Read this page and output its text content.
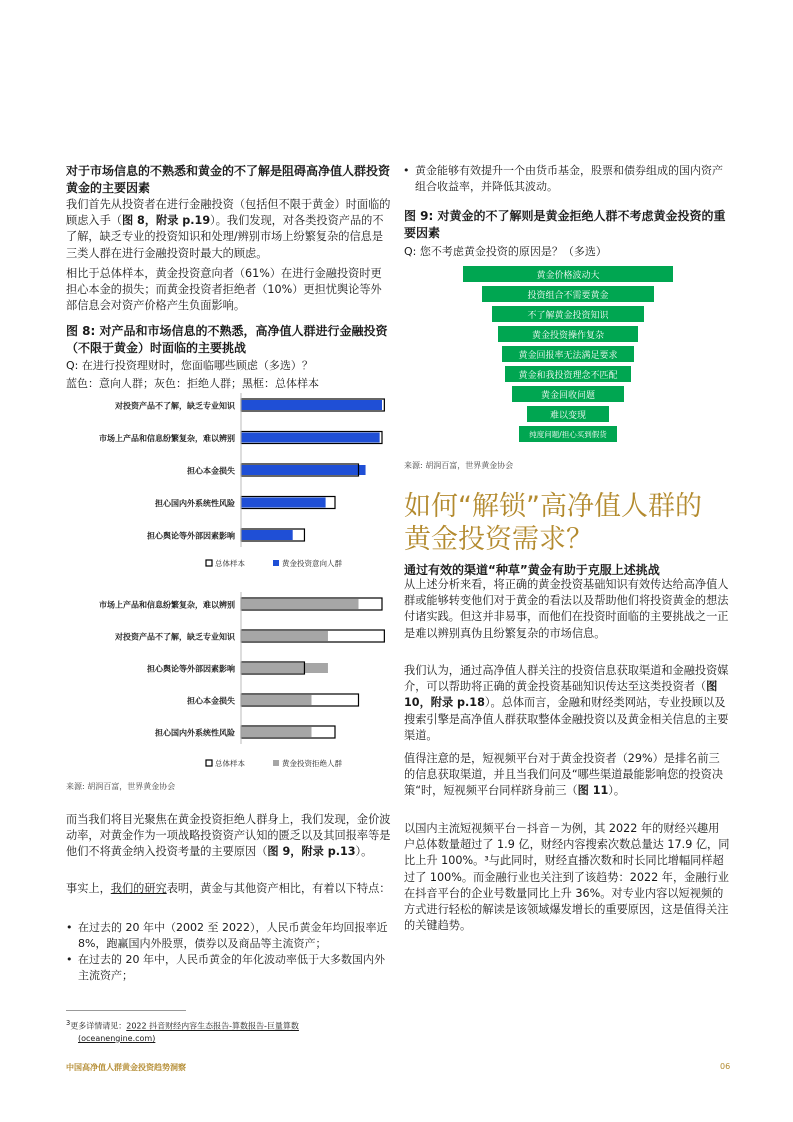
对于市场信息的不熟悉和黄金的不了解是阻碍高净值人群投资黄金的主要因素
我们首先从投资者在进行金融投资（包括但不限于黄金）时面临的顾虑入手（图 8，附录 p.19）。我们发现，对各类投资产品的不了解，缺乏专业的投资知识和处理/辨别市场上纷繁复杂的信息是三类人群在进行金融投资时最大的顾虑。
相比于总体样本，黄金投资意向者（61%）在进行金融投资时更担心本金的损失；而黄金投资者拒绝者（10%）更担忧舆论等外部信息会对资产价格产生负面影响。
图 8: 对产品和市场信息的不熟悉，高净值人群进行金融投资（不限于黄金）时面临的主要挑战
Q: 在进行投资理财时，您面临哪些顾虑（多选）？
蓝色：意向人群；灰色：拒绝人群；黑框：总体样本
对投资产品不了解，缺乏专业知识
市场上产品和信息纷繁复杂，难以辨别
担心本金损失
担心国内外系统性风险
担心舆论等外部因素影响
总体样本	黄金投资意向人群
市场上产品和信息纷繁复杂，难以辨别
对投资产品不了解，缺乏专业知识
担心舆论等外部因素影响
担心本金损失
担心国内外系统性风险
总体样本	黄金投资拒绝人群
来源: 胡润百富，世界黄金协会
而当我们将目光聚焦在黄金投资拒绝人群身上，我们发现，金价波动率，对黄金作为一项战略投资资产认知的匮乏以及其回报率等是他们不将黄金纳入投资考量的主要原因（图 9，附录 p.13）。
事实上，我们的研究表明，黄金与其他资产相比，有着以下特点：
• 在过去的 20 年中（2002 至 2022），人民币黄金年均回报率近 8%，跑赢国内外股票，债券以及商品等主流资产；
• 在过去的 20 年中，人民币黄金的年化波动率低于大多数国内外主流资产；
$^3$更多详情请见：2022 抖音财经内容生态报告-算数报告-巨量算数
(oceanengine.com)
• 黄金能够有效提升一个由货币基金，股票和债券组成的国内资产组合收益率，并降低其波动。
图 9: 对黄金的不了解则是黄金拒绝人群不考虑黄金投资的重要因素
Q: 您不考虑黄金投资的原因是？（多选）
黄金价格波动大
投资组合不需要黄金
不了解黄金投资知识
黄金投资操作复杂
黄金回报率无法满足要求
黄金和我投资理念不匹配
黄金回收问题
难以变现
纯度问题/担心买到假货
来源: 胡润百富，世界黄金协会
如何“解锁”高净值人群的
黄金投资需求？
通过有效的渠道“种草”黄金有助于克服上述挑战
从上述分析来看，将正确的黄金投资基础知识有效传达给高净值人群或能够转变他们对于黄金的看法以及帮助他们将投资黄金的想法付诸实践。但这并非易事，而他们在投资时面临的主要挑战之一正是难以辨别真伪且纷繁复杂的市场信息。
我们认为，通过高净值人群关注的投资信息获取渠道和金融投资媒介，可以帮助将正确的黄金投资基础知识传达至这类投资者（图 10，附录 p.18）。总体而言，金融和财经类网站，专业投顾以及搜索引擎是高净值人群获取整体金融投资以及黄金相关信息的主要渠道。
值得注意的是，短视频平台对于黄金投资者（29%）是排名前三的信息获取渠道，并且当我们问及“哪些渠道最能影响您的投资决策“时，短视频平台同样跻身前三（图 11）。
以国内主流短视频平台－抖音－为例，其 2022 年的财经兴趣用户总体数量超过了 1.9 亿，财经内容搜索次数总量达 17.9 亿，同比上升 100%。³与此同时，财经直播次数和时长同比增幅同样超过了 100%。而金融行业也关注到了该趋势：2022 年，金融行业在抖音平台的企业号数量同比上升 36%。对专业内容以短视频的方式进行轻松的解读是该领域爆发增长的重要原因，这是值得关注的关键趋势。
中国高净值人群黄金投资趋势洞察	06
